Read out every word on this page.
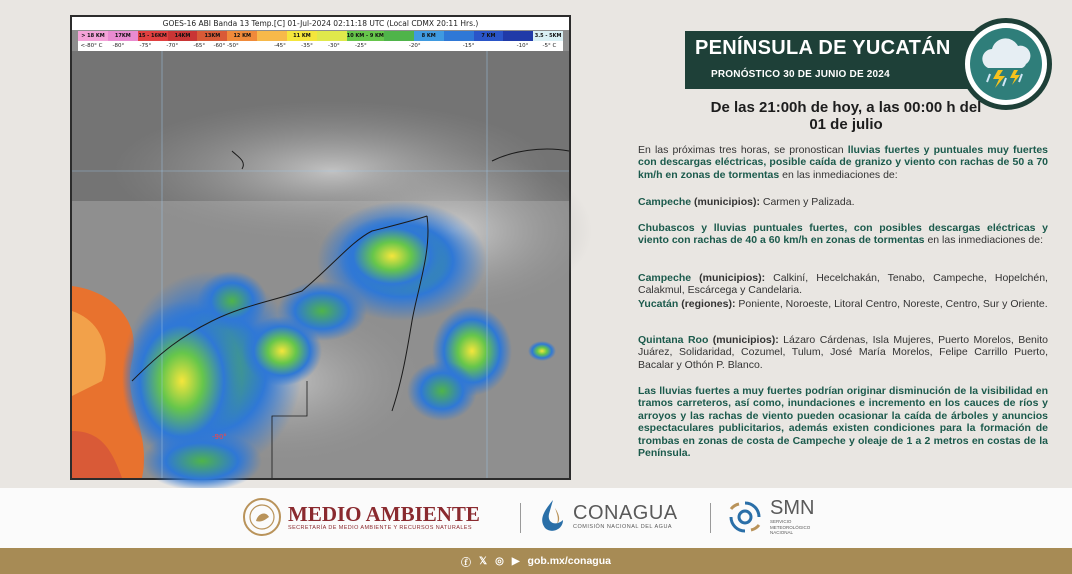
GOES-16 ABI Banda 13 Temp.[C] 01-Jul-2024 02:11:18 UTC (Local CDMX 20:11 Hrs.)
> 18 KM	17KM	15 - 16KM	14KM	13KM	12 KM	11 KM	10 KM - 9 KM	8 KM	7 KM	3.5 - 5KM
<-80° C	-80°	-75°	-70°	-65°	-60° -50°	-45°	-35°	-30°	-25°	-20°	-15°	-10°	-5° C
-90°
PENÍNSULA DE YUCATÁN
PRONÓSTICO 30 DE JUNIO DE 2024
De las 21:00h de hoy, a las 00:00 h del
01 de julio
En las próximas tres horas, se pronostican lluvias fuertes y puntuales muy fuertes con descargas eléctricas, posible caída de granizo y viento con rachas de 50 a 70 km/h en zonas de tormentas en las inmediaciones de:
Campeche (municipios): Carmen y Palizada.
Chubascos y lluvias puntuales fuertes, con posibles descargas eléctricas y viento con rachas de 40 a 60 km/h en zonas de tormentas en las inmediaciones de:
Campeche (municipios): Calkiní, Hecelchakán, Tenabo, Campeche, Hopelchén, Calakmul, Escárcega y Candelaria.
Yucatán (regiones): Poniente, Noroeste, Litoral Centro, Noreste, Centro, Sur y Oriente.
Quintana Roo (municipios): Lázaro Cárdenas, Isla Mujeres, Puerto Morelos, Benito Juárez, Solidaridad, Cozumel, Tulum, José María Morelos, Felipe Carrillo Puerto, Bacalar y Othón P. Blanco.
Las lluvias fuertes a muy fuertes podrían originar disminución de la visibilidad en tramos carreteros, así como, inundaciones e incremento en los cauces de ríos y arroyos y las rachas de viento pueden ocasionar la caída de árboles y anuncios espectaculares publicitarios, además existen condiciones para la formación de trombas en zonas de costa de Campeche y oleaje de 1 a 2 metros en costas de la Península.
MEDIO AMBIENTE
SECRETARÍA DE MEDIO AMBIENTE Y RECURSOS NATURALES
CONAGUA
COMISIÓN NACIONAL DEL AGUA
SMN
SERVICIO METEOROLÓGICO NACIONAL
ⓕ 𝕏 ◎ ▶ gob.mx/conagua
